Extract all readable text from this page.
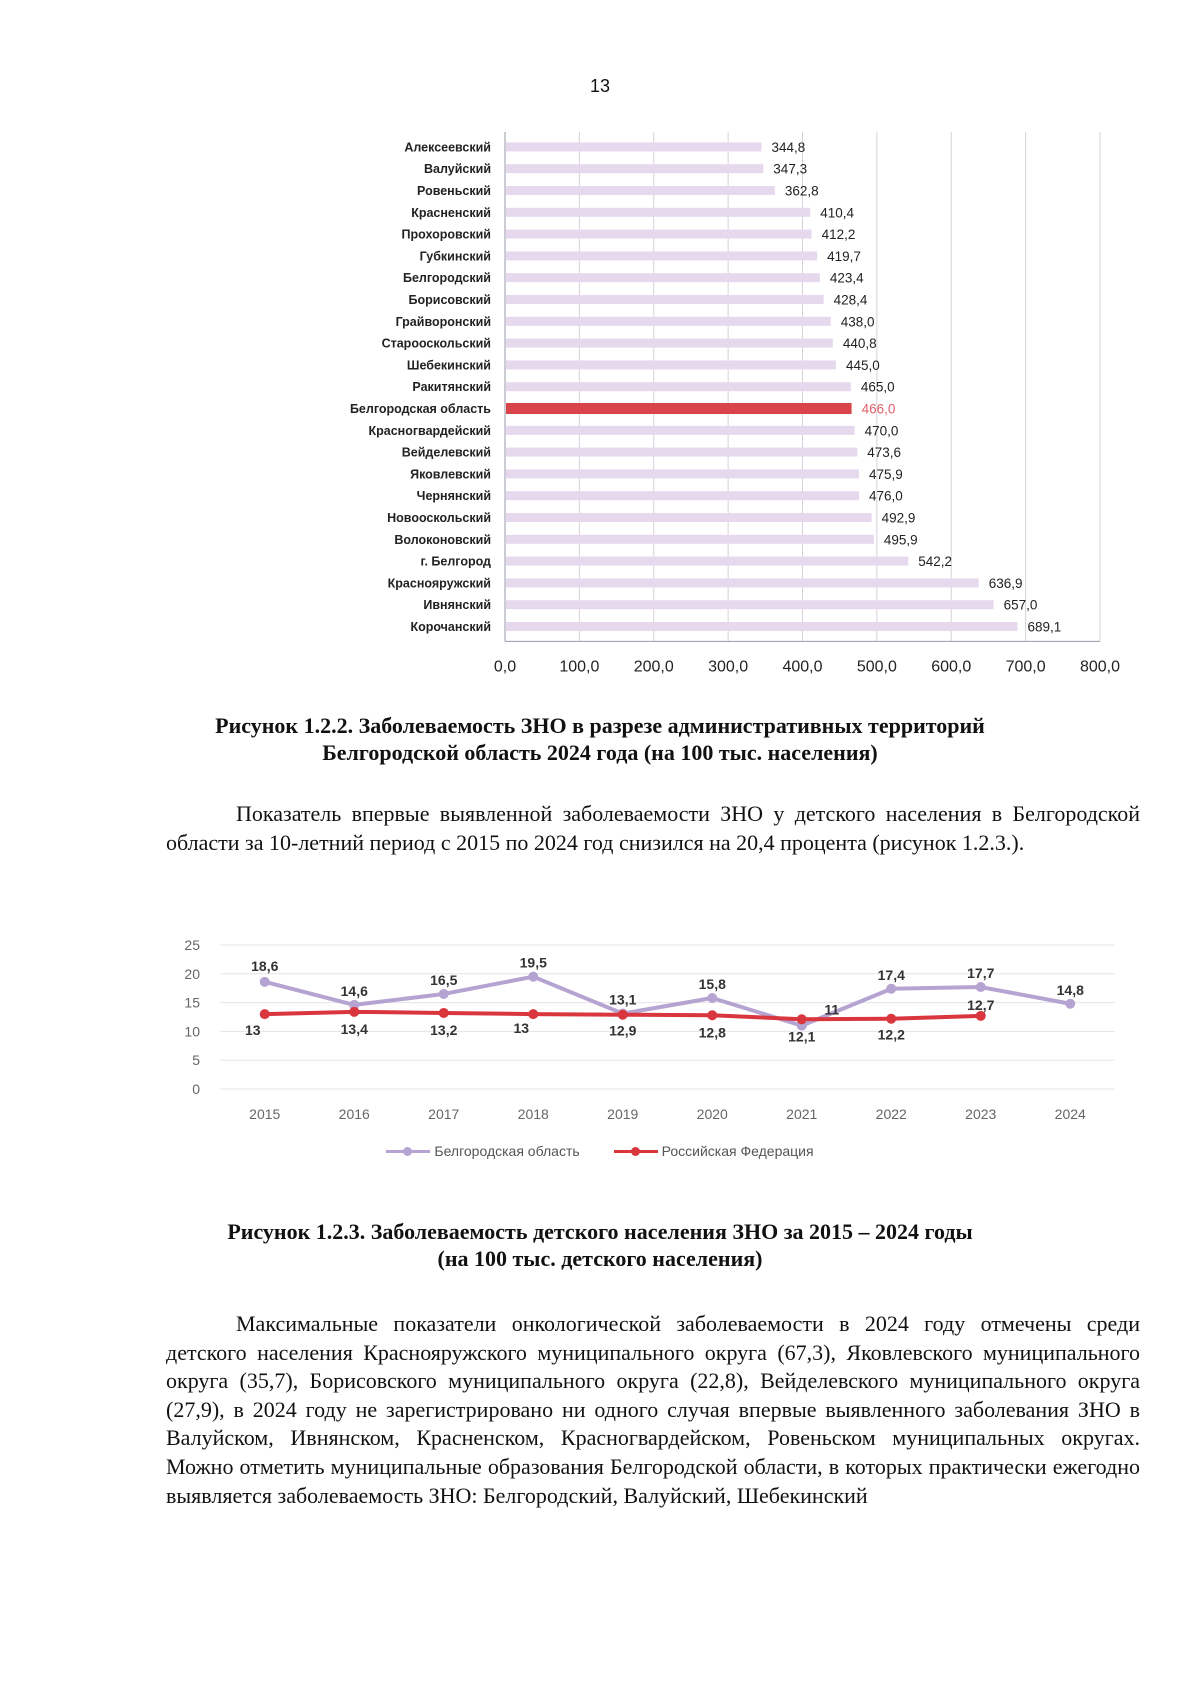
13
0,0	100,0 200,0 300,0 400,0 500,0 600,0 700,0 800,0
Алексеевский	344,8
Валуйский	347,3
Ровеньский	362,8
Красненский	410,4
Прохоровский	412,2
Губкинский	419,7
Белгородский	423,4
Борисовский	428,4
Грайворонский	438,0
Старооскольский	440,8
Шебекинский	445,0
Ракитянский	465,0
Белгородская область	466,0
Красногвардейский	470,0
Вейделевский	473,6
Яковлевский	475,9
Чернянский	476,0
Новооскольский	492,9
Волоконовский	495,9
г. Белгород	542,2
Краснояружский	636,9
Ивнянский	657,0
Корочанский	689,1
Рисунок 1.2.2. Заболеваемость ЗНО в разрезе административных территорий
Белгородской область 2024 года (на 100 тыс. населения)
Показатель впервые выявленной заболеваемости ЗНО у детского населения в Белгородской области за 10-летний период с 2015 по 2024 год снизился на 20,4 процента (рисунок 1.2.3.).
0
5
10
15
20
25
2015	2016	2017	2018	2019	2020	2021	2022	2023	2024
18,6
14,6
16,5
19,5
13,1
15,8
11
17,4	17,7
14,8
13	13,4	13,2	13	12,9	12,8	12,1	12,2
12,7
Белгородская область	Российская Федерация
Рисунок 1.2.3. Заболеваемость детского населения ЗНО за 2015 – 2024 годы
(на 100 тыс. детского населения)
Максимальные показатели онкологической заболеваемости в 2024 году отмечены среди детского населения Краснояружского муниципального округа (67,3), Яковлевского муниципального округа (35,7), Борисовского муниципального округа (22,8), Вейделевского муниципального округа (27,9), в 2024 году не зарегистрировано ни одного случая впервые выявленного заболевания ЗНО в Валуйском, Ивнянском, Красненском, Красногвардейском, Ровеньском муниципальных округах. Можно отметить муниципальные образования Белгородской области, в которых практически ежегодно выявляется заболеваемость ЗНО: Белгородский, Валуйский, Шебекинский
